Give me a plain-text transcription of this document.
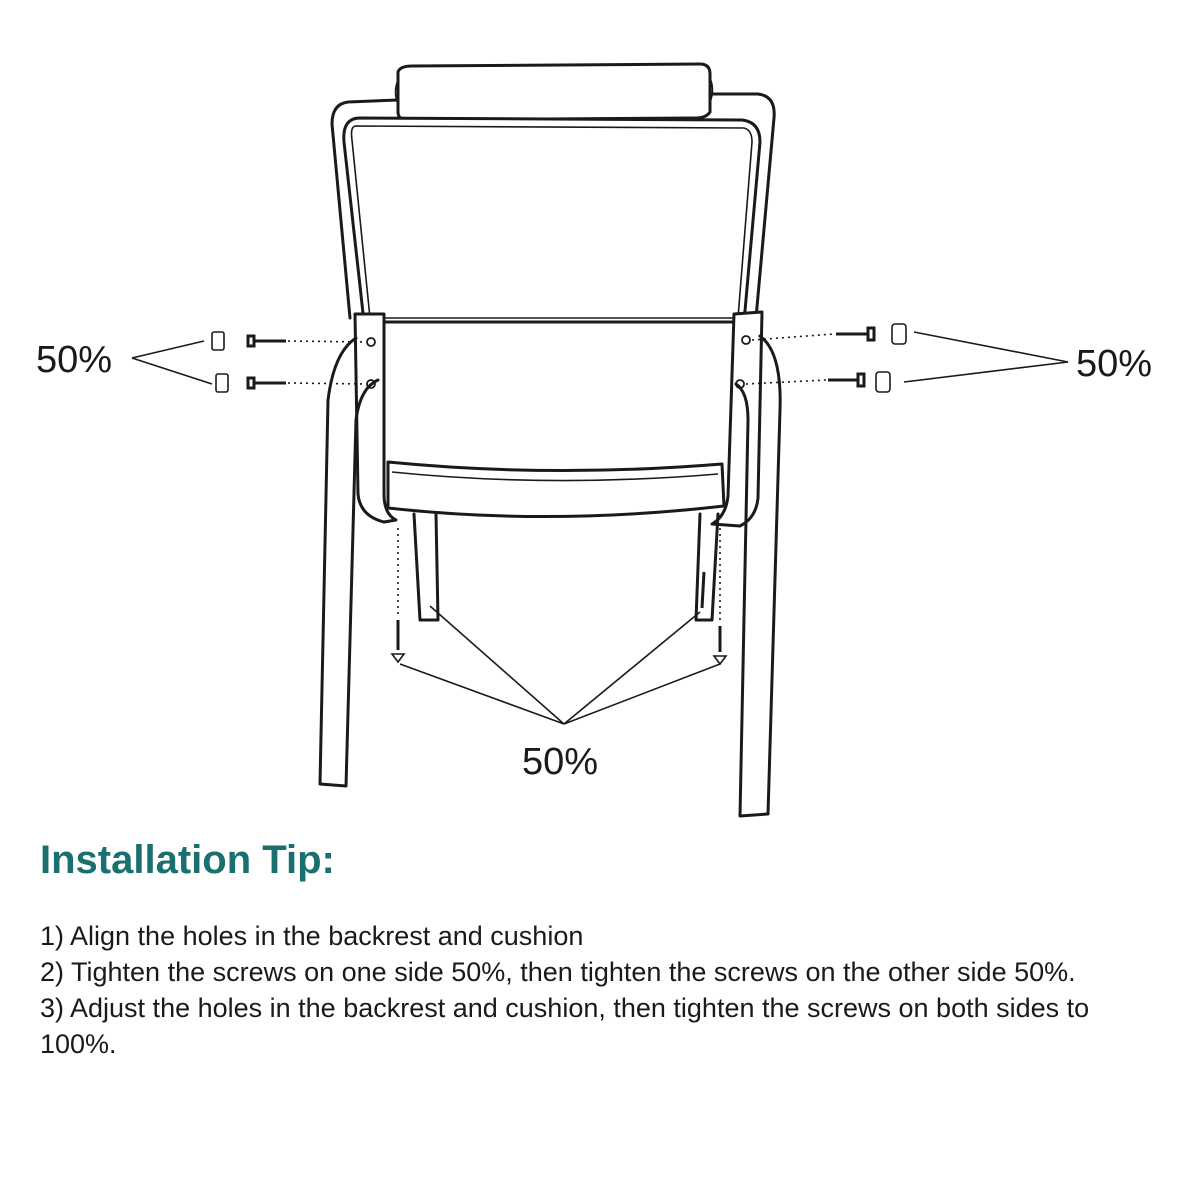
50%	50%
50%
Installation Tip:
1) Align the holes in the backrest and cushion
2) Tighten the screws on one side 50%, then tighten the screws on the other side 50%.
3) Adjust the holes in the backrest and cushion, then tighten the screws on both sides to 100%.
